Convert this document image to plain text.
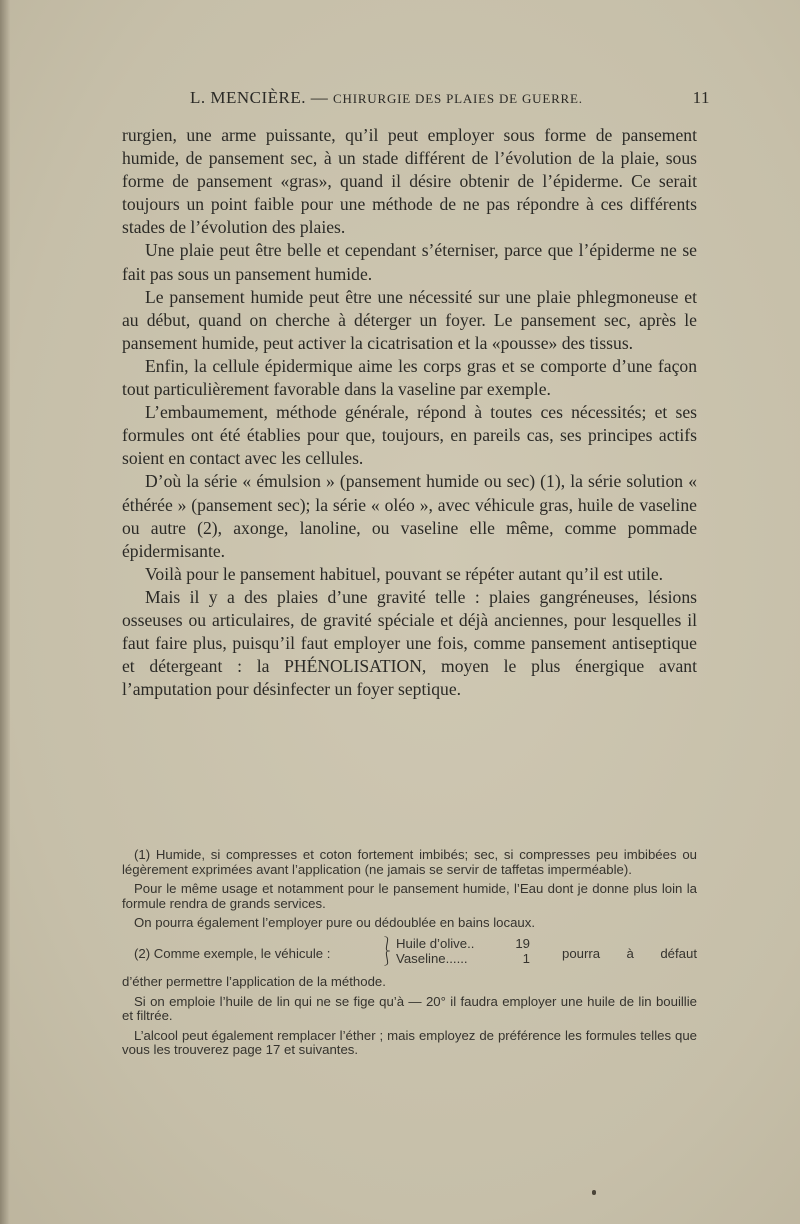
L. MENCIÈRE. — CHIRURGIE DES PLAIES DE GUERRE.	11

rurgien, une arme puissante, qu’il peut employer sous forme de pansement humide, de pansement sec, à un stade différent de l’évolution de la plaie, sous forme de pansement «gras», quand il désire obtenir de l’épiderme. Ce serait toujours un point faible pour une méthode de ne pas répondre à ces différents stades de l’évolution des plaies.

Une plaie peut être belle et cependant s’éterniser, parce que l’épiderme ne se fait pas sous un pansement humide.

Le pansement humide peut être une nécessité sur une plaie phlegmoneuse et au début, quand on cherche à déterger un foyer. Le pansement sec, après le pansement humide, peut activer la cicatrisation et la «pousse» des tissus.

Enfin, la cellule épidermique aime les corps gras et se comporte d’une façon tout particulièrement favorable dans la vaseline par exemple.

L’embaumement, méthode générale, répond à toutes ces nécessités; et ses formules ont été établies pour que, toujours, en pareils cas, ses principes actifs soient en contact avec les cellules.

D’où la série « émulsion » (pansement humide ou sec) (1), la série solution « éthérée » (pansement sec); la série « oléo », avec véhicule gras, huile de vaseline ou autre (2), axonge, lanoline, ou vaseline elle même, comme pommade épidermisante.

Voilà pour le pansement habituel, pouvant se répéter autant qu’il est utile.

Mais il y a des plaies d’une gravité telle : plaies gangréneuses, lésions osseuses ou articulaires, de gravité spéciale et déjà anciennes, pour lesquelles il faut faire plus, puisqu’il faut employer une fois, comme pansement antiseptique et détergeant : la PHÉNOLISATION, moyen le plus énergique avant l’amputation pour désinfecter un foyer septique.

(1) Humide, si compresses et coton fortement imbibés; sec, si compresses peu imbibées ou légèrement exprimées avant l’application (ne jamais se servir de taffetas imperméable).

Pour le même usage et notamment pour le pansement humide, l’Eau dont je donne plus loin la formule rendra de grands services.

On pourra également l’employer pure ou dédoublée en bains locaux.

(2) Comme exemple, le véhicule :
⎱
⎰
Huile d’olive..
Vaseline......
19
1 pourra à défaut

d’éther permettre l’application de la méthode.

Si on emploie l’huile de lin qui ne se fige qu’à — 20° il faudra employer une huile de lin bouillie et filtrée.

L’alcool peut également remplacer l’éther ; mais employez de préférence les formules telles que vous les trouverez page 17 et suivantes.
